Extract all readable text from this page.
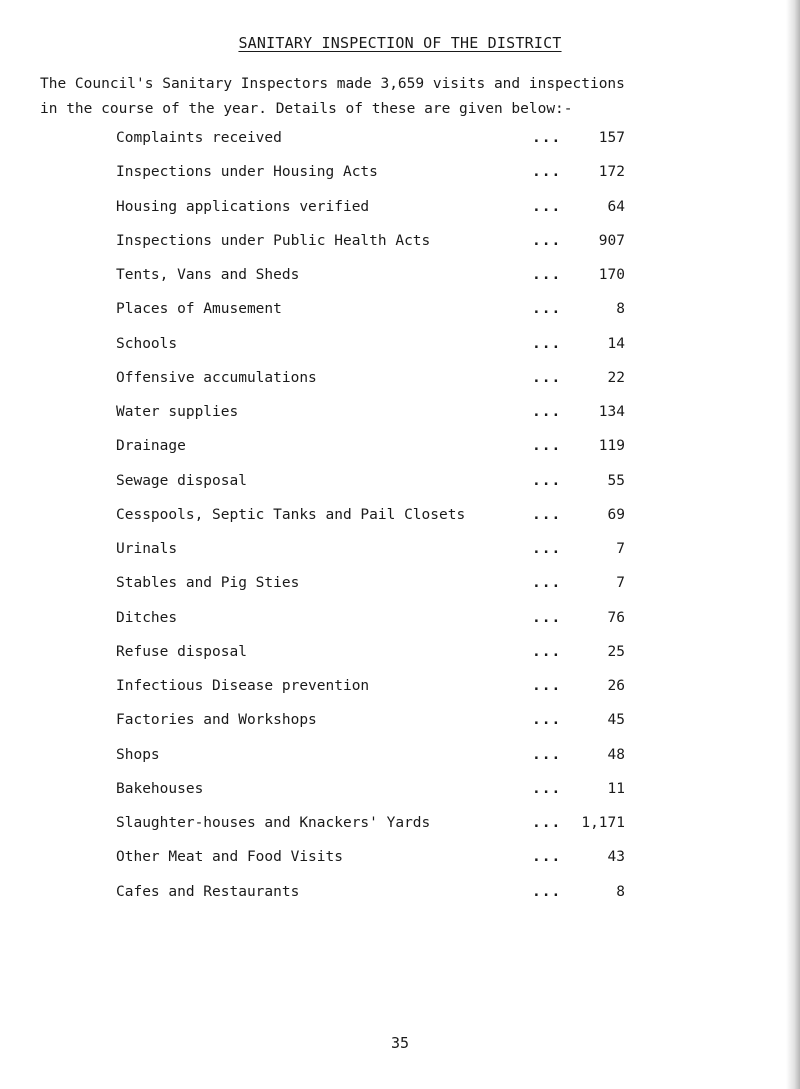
SANITARY INSPECTION OF THE DISTRICT
The Council's Sanitary Inspectors made 3,659 visits and inspections
in the course of the year. Details of these are given below:-
Complaints received	...	157
Inspections under Housing Acts	...	172
Housing applications verified	...	64
Inspections under Public Health Acts	...	907
Tents, Vans and Sheds	...	170
Places of Amusement	...	8
Schools	...	14
Offensive accumulations	...	22
Water supplies	...	134
Drainage	...	119
Sewage disposal	...	55
Cesspools, Septic Tanks and Pail Closets	...	69
Urinals	...	7
Stables and Pig Sties	...	7
Ditches	...	76
Refuse disposal	...	25
Infectious Disease prevention	...	26
Factories and Workshops	...	45
Shops	...	48
Bakehouses	...	11
Slaughter-houses and Knackers' Yards	... 1,171
Other Meat and Food Visits	...	43
Cafes and Restaurants	...	8
35
